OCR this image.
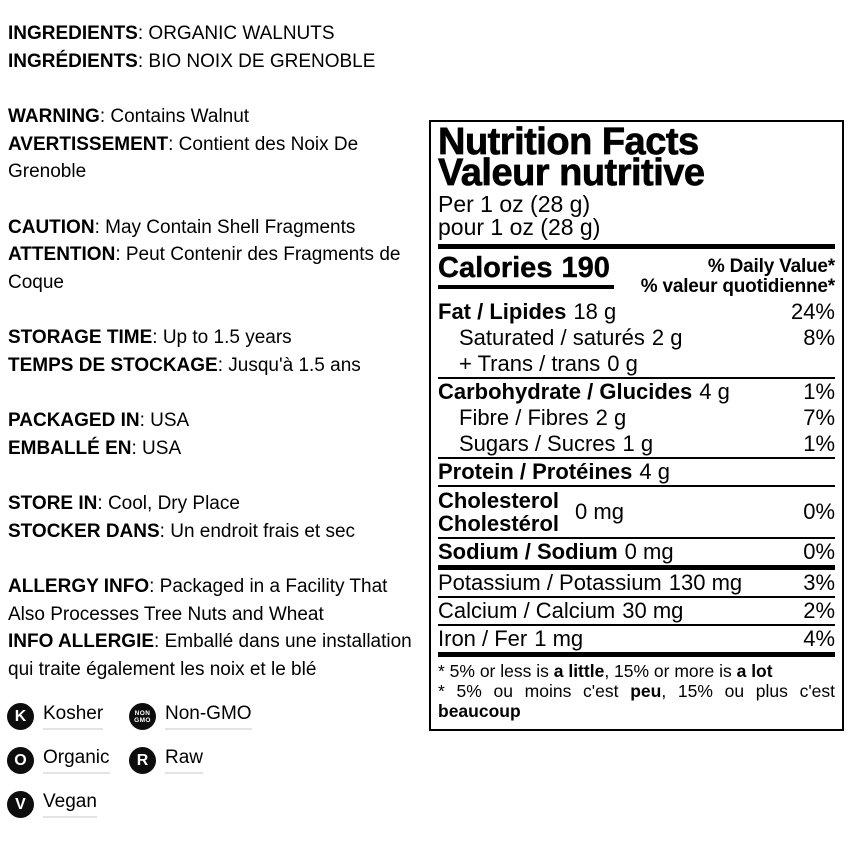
INGREDIENTS: ORGANIC WALNUTS
INGRÉDIENTS: BIO NOIX DE GRENOBLE
WARNING: Contains Walnut
AVERTISSEMENT: Contient des Noix De
Grenoble
CAUTION: May Contain Shell Fragments
ATTENTION: Peut Contenir des Fragments de
Coque
STORAGE TIME: Up to 1.5 years
TEMPS DE STOCKAGE: Jusqu'à 1.5 ans
PACKAGED IN: USA
EMBALLÉ EN: USA
STORE IN: Cool, Dry Place
STOCKER DANS: Un endroit frais et sec
ALLERGY INFO: Packaged in a Facility That
Also Processes Tree Nuts and Wheat
INFO ALLERGIE: Emballé dans une installation
qui traite également les noix et le blé
K Kosher	NON
GMO Non-GMO
O Organic	R Raw
V Vegan
Nutrition Facts
Valeur nutritive
Per 1 oz (28 g)
pour 1 oz (28 g)
Calories 190	% Daily Value*
% valeur quotidienne*
Fat / Lipides 18 g	24%
Saturated / saturés 2 g	8%
+ Trans / trans 0 g
Carbohydrate / Glucides 4 g	1%
Fibre / Fibres 2 g	7%
Sugars / Sucres 1 g	1%
Protein / Protéines 4 g
Cholesterol
Cholestérol 0 mg	0%
Sodium / Sodium 0 mg	0%
Potassium / Potassium 130 mg	3%
Calcium / Calcium 30 mg	2%
Iron / Fer 1 mg	4%
* 5% or less is a little, 15% or more is a lot
* 5% ou moins c'est peu, 15% ou plus c'est
beaucoup
